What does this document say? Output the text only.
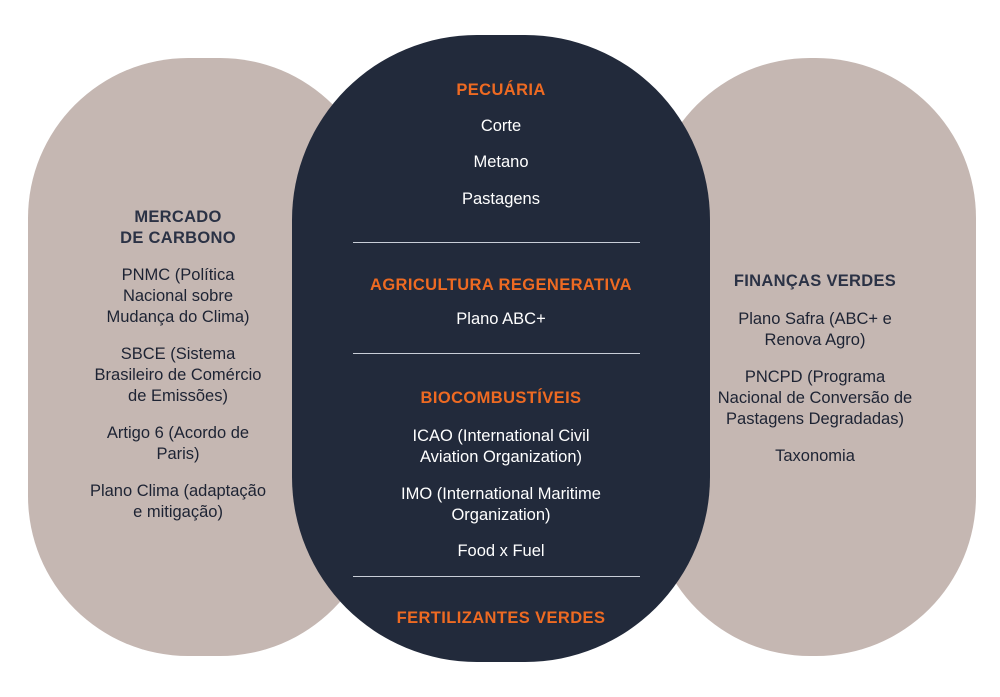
MERCADO
DE CARBONO
PNMC (Política
Nacional sobre
Mudança do Clima)
SBCE (Sistema
Brasileiro de Comércio
de Emissões)
Artigo 6 (Acordo de
Paris)
Plano Clima (adaptação
e mitigação)
PECUÁRIA
Corte
Metano
Pastagens
AGRICULTURA REGENERATIVA
Plano ABC+
BIOCOMBUSTÍVEIS
ICAO (International Civil
Aviation Organization)
IMO (International Maritime
Organization)
Food x Fuel
FERTILIZANTES VERDES
FINANÇAS VERDES
Plano Safra (ABC+ e
Renova Agro)
PNCPD (Programa
Nacional de Conversão de
Pastagens Degradadas)
Taxonomia
